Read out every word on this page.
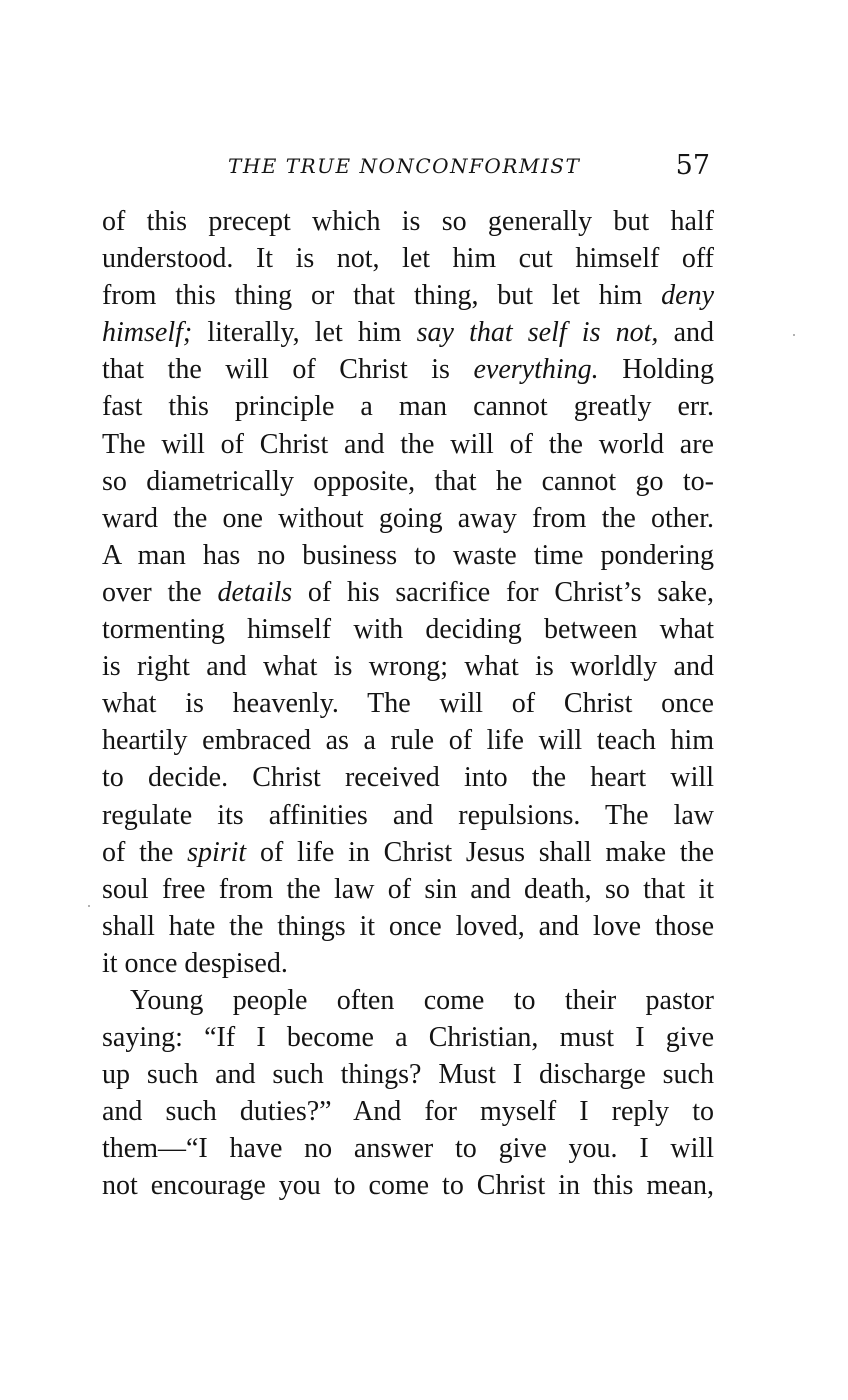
THE TRUE NONCONFORMIST	57
of this precept which is so generally but half
understood. It is not, let him cut himself off
from this thing or that thing, but let him deny
himself; literally, let him say that self is not, and
that the will of Christ is everything. Holding
fast this principle a man cannot greatly err.
The will of Christ and the will of the world are
so diametrically opposite, that he cannot go to-
ward the one without going away from the other.
A man has no business to waste time pondering
over the details of his sacrifice for Christ’s sake,
tormenting himself with deciding between what
is right and what is wrong; what is worldly and
what is heavenly. The will of Christ once
heartily embraced as a rule of life will teach him
to decide. Christ received into the heart will
regulate its affinities and repulsions. The law
of the spirit of life in Christ Jesus shall make the
soul free from the law of sin and death, so that it
shall hate the things it once loved, and love those
it once despised.
Young people often come to their pastor
saying: “If I become a Christian, must I give
up such and such things? Must I discharge such
and such duties?” And for myself I reply to
them—“I have no answer to give you. I will
not encourage you to come to Christ in this mean,
